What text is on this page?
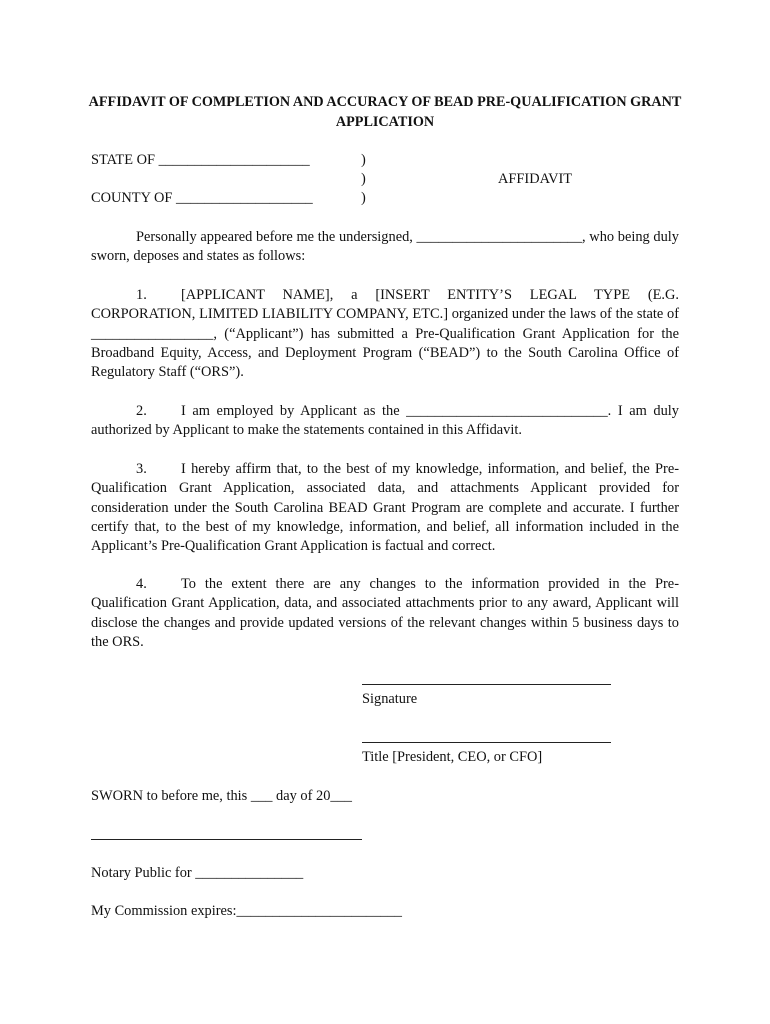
AFFIDAVIT OF COMPLETION AND ACCURACY OF BEAD PRE-QUALIFICATION GRANT APPLICATION
STATE OF _____________________
COUNTY OF ___________________
)
)
)
AFFIDAVIT
Personally appeared before me the undersigned, _______________________, who being duly sworn, deposes and states as follows:
1. [APPLICANT NAME], a [INSERT ENTITY’S LEGAL TYPE (E.G. CORPORATION, LIMITED LIABILITY COMPANY, ETC.] organized under the laws of the state of _________________, (“Applicant”) has submitted a Pre-Qualification Grant Application for the Broadband Equity, Access, and Deployment Program (“BEAD”) to the South Carolina Office of Regulatory Staff (“ORS”).
2. I am employed by Applicant as the ____________________________. I am duly authorized by Applicant to make the statements contained in this Affidavit.
3. I hereby affirm that, to the best of my knowledge, information, and belief, the Pre-Qualification Grant Application, associated data, and attachments Applicant provided for consideration under the South Carolina BEAD Grant Program are complete and accurate. I further certify that, to the best of my knowledge, information, and belief, all information included in the Applicant’s Pre-Qualification Grant Application is factual and correct.
4. To the extent there are any changes to the information provided in the Pre-Qualification Grant Application, data, and associated attachments prior to any award, Applicant will disclose the changes and provide updated versions of the relevant changes within 5 business days to the ORS.
Signature
Title [President, CEO, or CFO]
SWORN to before me, this ___ day of 20___
Notary Public for _______________
My Commission expires:_______________________
